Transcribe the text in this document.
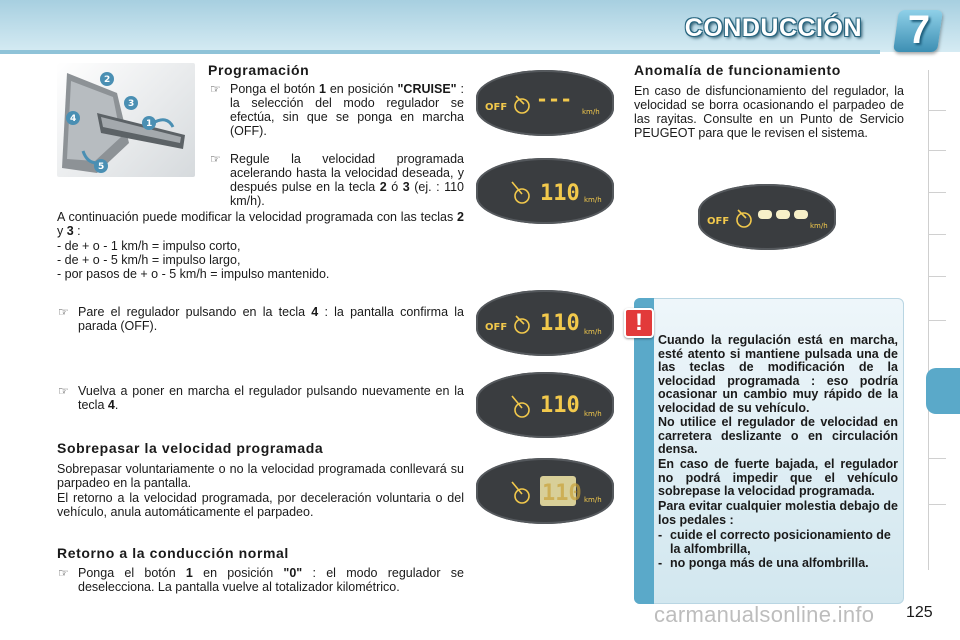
CONDUCCIÓN 7
2
4	1
3
5
Programación
☞ Ponga el botón 1 en posición "CRUISE" : la selección del modo regulador se efectúa, sin que se ponga en marcha (OFF).
☞ Regule la velocidad programada acelerando hasta la velocidad deseada, y después pulse en la tecla 2 ó 3 (ej. : 110 km/h).
A continuación puede modificar la velocidad programada con las teclas 2 y 3 :
- de + o - 1 km/h = impulso corto,
- de + o - 5 km/h = impulso largo,
- por pasos de + o - 5 km/h = impulso mantenido.
☞ Pare el regulador pulsando en la tecla 4 : la pantalla confirma la parada (OFF).
☞ Vuelva a poner en marcha el regulador pulsando nuevamente en la tecla 4.
Sobrepasar la velocidad programada
Sobrepasar voluntariamente o no la velocidad programada conllevará su parpadeo en la pantalla.
El retorno a la velocidad programada, por deceleración voluntaria o del vehículo, anula automáticamente el parpadeo.
Retorno a la conducción normal
☞ Ponga el botón 1 en posición "0" : el modo regulador se deselecciona. La pantalla vuelve al totalizador kilométrico.
OFF ---
km/h
110 km/h
OFF 110 km/h
110 km/h
110 km/h
Anomalía de funcionamiento
En caso de disfuncionamiento del regulador, la velocidad se borra ocasionando el parpadeo de las rayitas. Consulte en un Punto de Servicio PEUGEOT para que le revisen el sistema.
OFF	km/h
!
Cuando la regulación está en marcha, esté atento si mantiene pulsada una de las teclas de modificación de la velocidad programada : eso podría ocasionar un cambio muy rápido de la velocidad de su vehículo.
No utilice el regulador de velocidad en carretera deslizante o en circulación densa.
En caso de fuerte bajada, el regulador no podrá impedir que el vehículo sobrepase la velocidad programada.
Para evitar cualquier molestia debajo de los pedales :
- cuide el correcto posicionamiento de la alfombrilla,
- no ponga más de una alfombrilla.
carmanualsonline.info 125
